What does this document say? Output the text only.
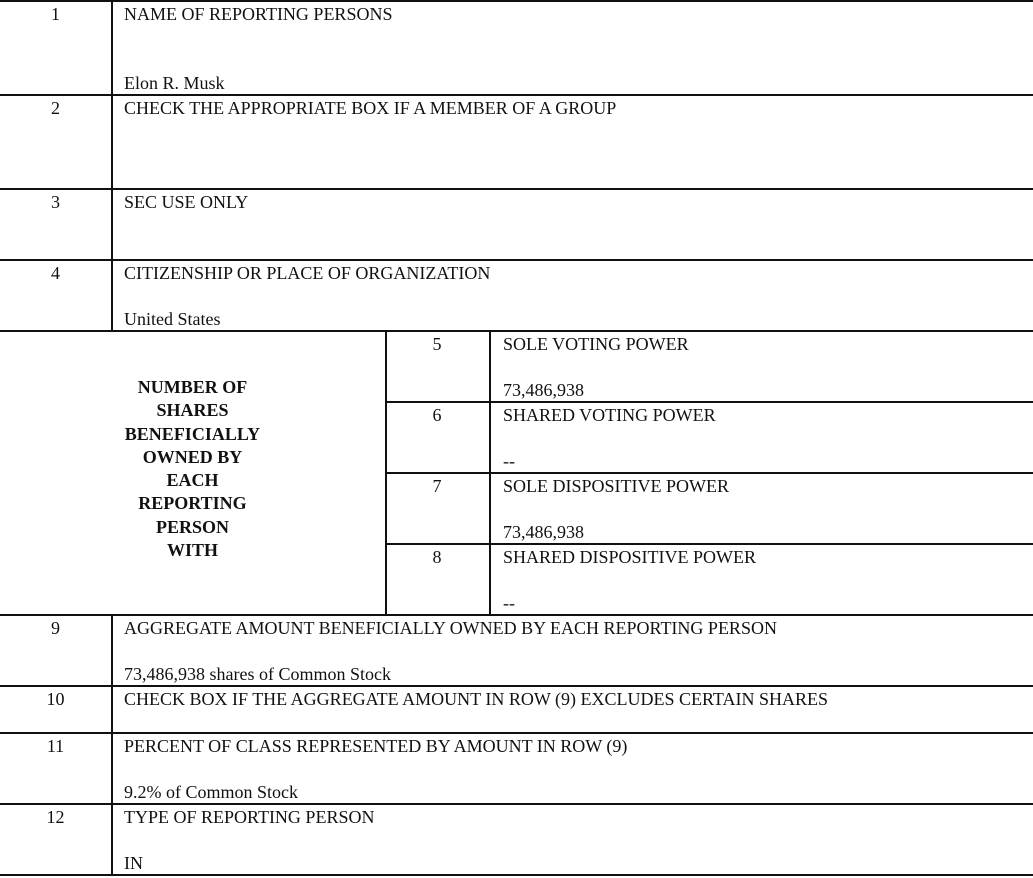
1	NAME OF REPORTING PERSONS
Elon R. Musk
2	CHECK THE APPROPRIATE BOX IF A MEMBER OF A GROUP
3	SEC USE ONLY
4	CITIZENSHIP OR PLACE OF ORGANIZATION
United States
NUMBER OF
SHARES
BENEFICIALLY
OWNED BY
EACH
REPORTING
PERSON
WITH
5	SOLE VOTING POWER
73,486,938
6	SHARED VOTING POWER
--
7	SOLE DISPOSITIVE POWER
73,486,938
8	SHARED DISPOSITIVE POWER
--
9	AGGREGATE AMOUNT BENEFICIALLY OWNED BY EACH REPORTING PERSON
73,486,938 shares of Common Stock
10	CHECK BOX IF THE AGGREGATE AMOUNT IN ROW (9) EXCLUDES CERTAIN SHARES
11	PERCENT OF CLASS REPRESENTED BY AMOUNT IN ROW (9)
9.2% of Common Stock
12	TYPE OF REPORTING PERSON
IN
